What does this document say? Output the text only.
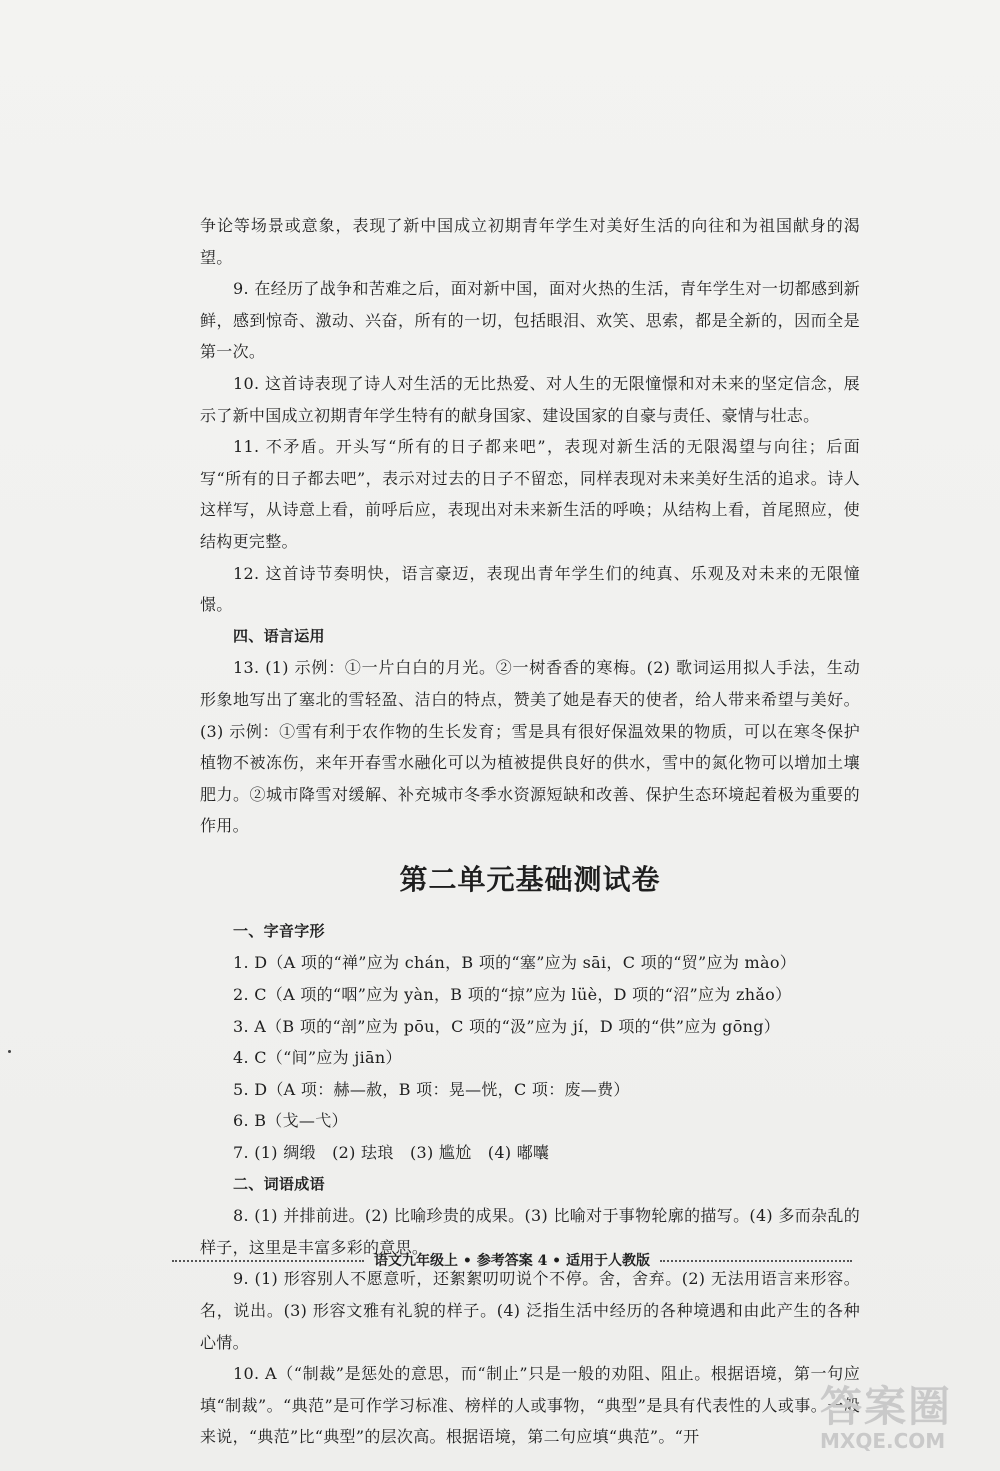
争论等场景或意象，表现了新中国成立初期青年学生对美好生活的向往和为祖国献身的渴望。

9. 在经历了战争和苦难之后，面对新中国，面对火热的生活，青年学生对一切都感到新鲜，感到惊奇、激动、兴奋，所有的一切，包括眼泪、欢笑、思索，都是全新的，因而全是第一次。

10. 这首诗表现了诗人对生活的无比热爱、对人生的无限憧憬和对未来的坚定信念，展示了新中国成立初期青年学生特有的献身国家、建设国家的自豪与责任、豪情与壮志。

11. 不矛盾。开头写“所有的日子都来吧”，表现对新生活的无限渴望与向往；后面写“所有的日子都去吧”，表示对过去的日子不留恋，同样表现对未来美好生活的追求。诗人这样写，从诗意上看，前呼后应，表现出对未来新生活的呼唤；从结构上看，首尾照应，使结构更完整。

12. 这首诗节奏明快，语言豪迈，表现出青年学生们的纯真、乐观及对未来的无限憧憬。

四、语言运用

13. (1) 示例：①一片白白的月光。②一树香香的寒梅。(2) 歌词运用拟人手法，生动形象地写出了塞北的雪轻盈、洁白的特点，赞美了她是春天的使者，给人带来希望与美好。(3) 示例：①雪有利于农作物的生长发育；雪是具有很好保温效果的物质，可以在寒冬保护植物不被冻伤，来年开春雪水融化可以为植被提供良好的供水，雪中的氮化物可以增加土壤肥力。②城市降雪对缓解、补充城市冬季水资源短缺和改善、保护生态环境起着极为重要的作用。

第二单元基础测试卷

一、字音字形

1. D（A 项的“禅”应为 chán，B 项的“塞”应为 sāi，C 项的“贸”应为 mào）

2. C（A 项的“咽”应为 yàn，B 项的“掠”应为 lüè，D 项的“沼”应为 zhǎo）

3. A（B 项的“剖”应为 pōu，C 项的“汲”应为 jí，D 项的“供”应为 gōng）

4. C（“间”应为 jiān）

5. D（A 项：赫—赦，B 项：晃—恍，C 项：废—费）

6. B（戈—弋）

7. (1) 绸缎　(2) 珐琅　(3) 尴尬　(4) 嘟囔

二、词语成语

8. (1) 并排前进。(2) 比喻珍贵的成果。(3) 比喻对于事物轮廓的描写。(4) 多而杂乱的样子，这里是丰富多彩的意思。

9. (1) 形容别人不愿意听，还絮絮叨叨说个不停。舍，舍弃。(2) 无法用语言来形容。名，说出。(3) 形容文雅有礼貌的样子。(4) 泛指生活中经历的各种境遇和由此产生的各种心情。

10. A（“制裁”是惩处的意思，而“制止”只是一般的劝阻、阻止。根据语境，第一句应填“制裁”。“典范”是可作学习标准、榜样的人或事物，“典型”是具有代表性的人或事。一般来说，“典范”比“典型”的层次高。根据语境，第二句应填“典范”。“开

语文九年级上 • 参考答案 4 • 适用于人教版
答案圈
MXQE.COM
